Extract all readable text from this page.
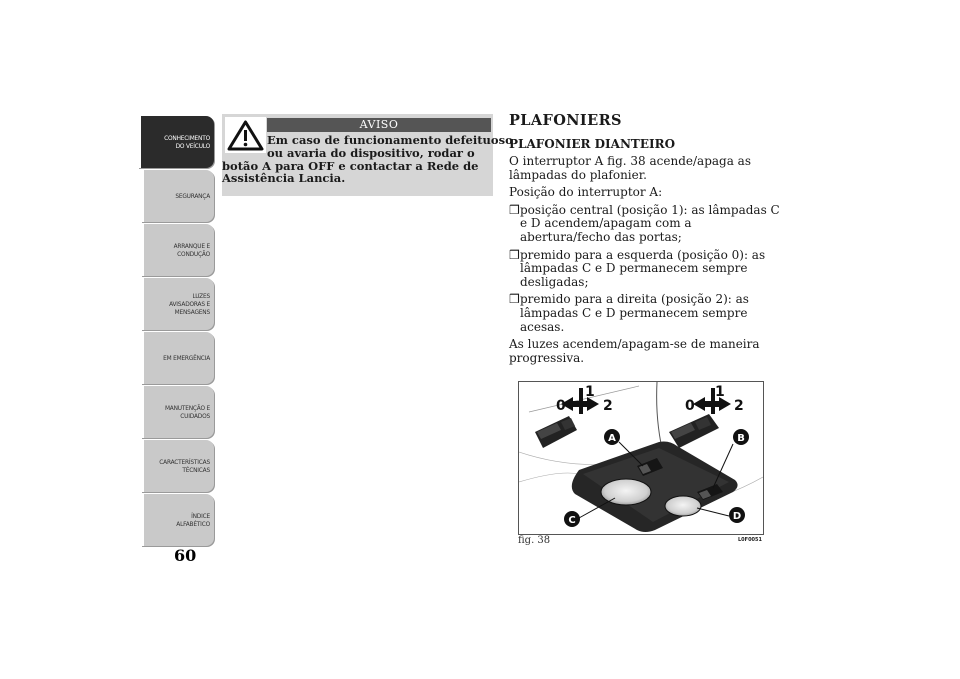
CONHECIMENTO
DO VEÍCULO
SEGURANÇA
ARRANQUE E
CONDUÇÃO
LUZES
AVISADORAS E
MENSAGENS
EM EMERGÊNCIA
MANUTENÇÃO E
CUIDADOS
CARACTERÍSTICAS
TÉCNICAS
ÍNDICE
ALFABÉTICO
60
AVISO
Em caso de funcionamento defeituoso
ou avaria do dispositivo, rodar o
botão A para OFF e contactar a Rede de
Assistência Lancia.
PLAFONIERS
PLAFONIER DIANTEIRO
O interruptor A fig. 38 acende/apaga as lâmpadas do plafonier.
Posição do interruptor A:
❒ posição central (posição 1): as lâmpadas C e D acendem/apagam com a abertura/fecho das portas;
❒ premido para a esquerda (posição 0): as lâmpadas C e D permanecem sempre desligadas;
❒ premido para a direita (posição 2): as lâmpadas C e D permanecem sempre acesas.
As luzes acendem/apagam-se de maneira progressiva.
0
1
2	0
1
2
A	B
C	D
fig. 38	L0F0051
